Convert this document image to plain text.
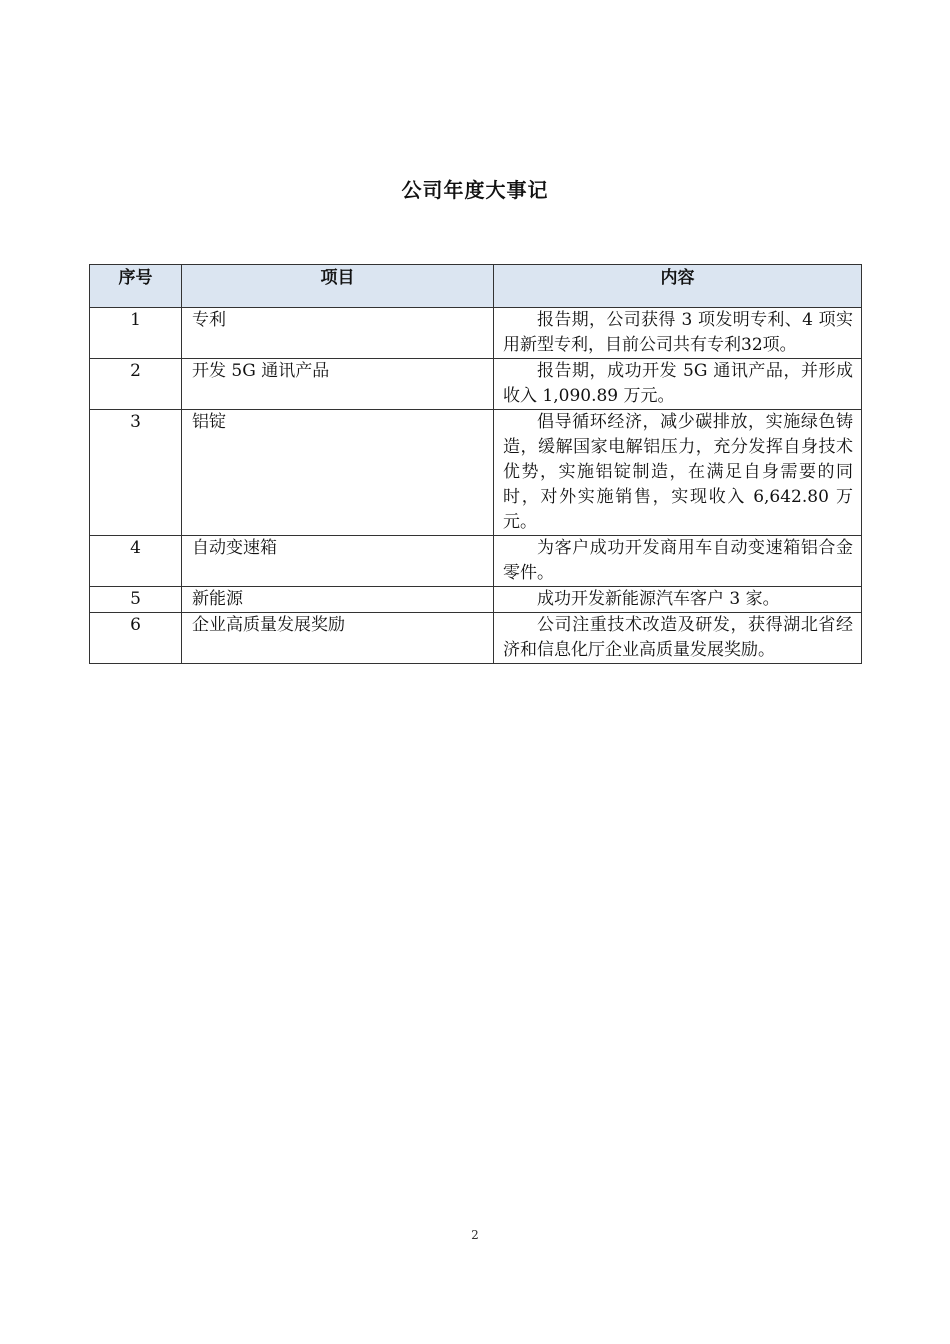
公司年度大事记
序号	项目	内容
1	专利	报告期，公司获得 3 项发明专利、4 项实用新型专利，目前公司共有专利32项。
2	开发 5G 通讯产品	报告期，成功开发 5G 通讯产品，并形成收入 1,090.89 万元。
3	铝锭	倡导循环经济，减少碳排放，实施绿色铸造，缓解国家电解铝压力，充分发挥自身技术优势，实施铝锭制造，在满足自身需要的同时，对外实施销售，实现收入 6,642.80 万元。
4	自动变速箱	为客户成功开发商用车自动变速箱铝合金零件。
5	新能源	成功开发新能源汽车客户 3 家。
6	企业高质量发展奖励	公司注重技术改造及研发，获得湖北省经济和信息化厅企业高质量发展奖励。
2
